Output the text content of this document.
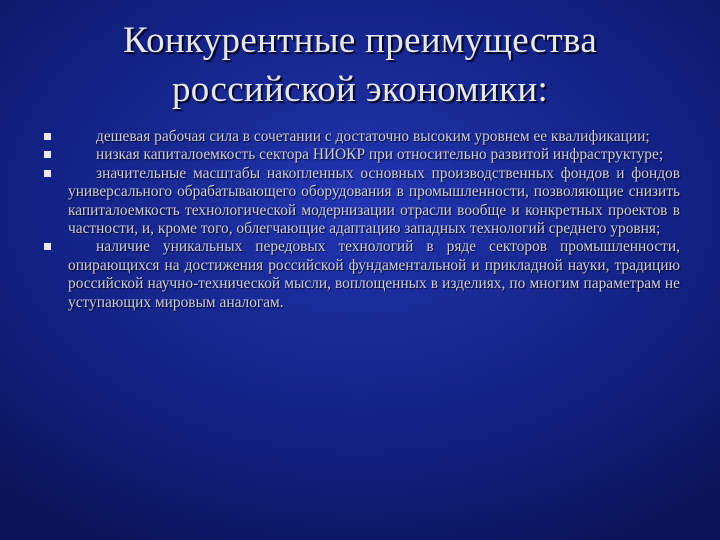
Конкурентные преимущества
российской экономики:
дешевая рабочая сила в сочетании с достаточно высоким уровнем ее квалификации;
низкая капиталоемкость сектора НИОКР при относительно развитой инфраструктуре;
значительные масштабы накопленных основных производственных фондов и фондов универсального обрабатывающего оборудования в промышленности, позволяющие снизить капиталоемкость технологической модернизации отрасли вообще и конкретных проектов в частности, и, кроме того, облегчающие адаптацию западных технологий среднего уровня;
наличие уникальных передовых технологий в ряде секторов промышленности, опирающихся на достижения российской фундаментальной и прикладной науки, традицию российской научно-технической мысли, воплощенных в изделиях, по многим параметрам не уступающих мировым аналогам.
